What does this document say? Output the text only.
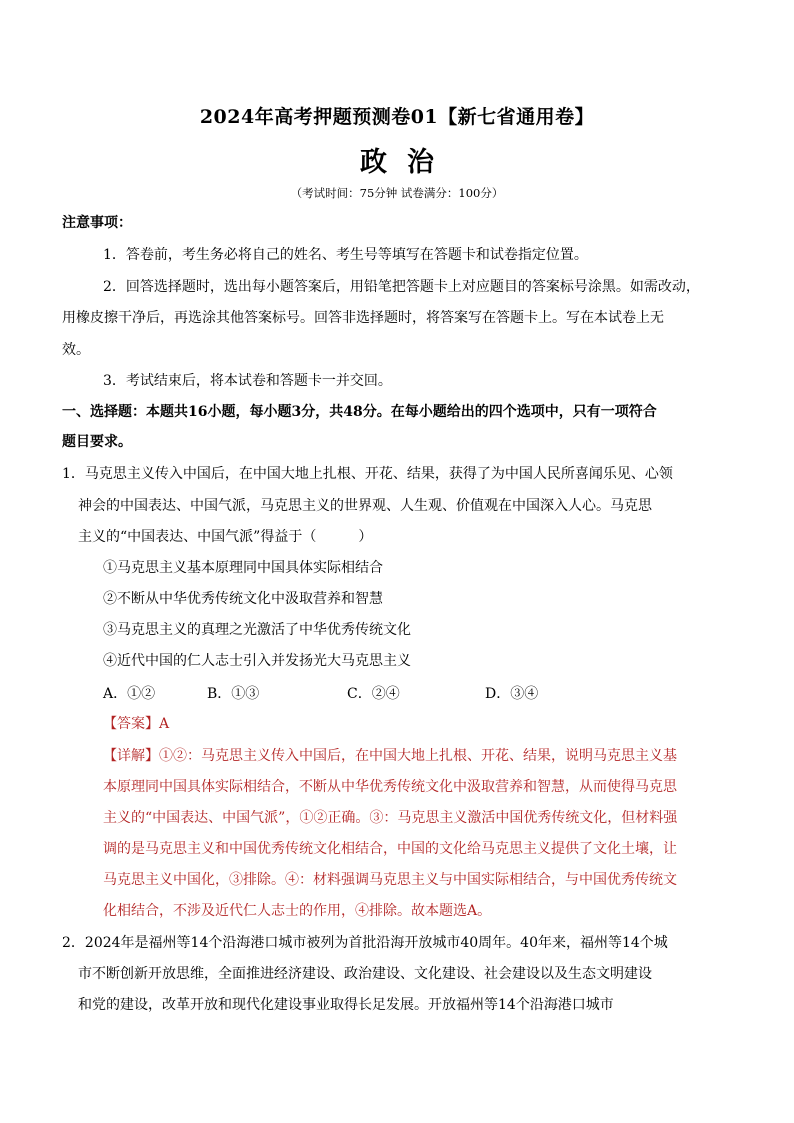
2024年高考押题预测卷01【新七省通用卷】
政治
（考试时间：75分钟 试卷满分：100分）
注意事项：
1．答卷前，考生务必将自己的姓名、考生号等填写在答题卡和试卷指定位置。
2．回答选择题时，选出每小题答案后，用铅笔把答题卡上对应题目的答案标号涂黑。如需改动，
用橡皮擦干净后，再选涂其他答案标号。回答非选择题时，将答案写在答题卡上。写在本试卷上无
效。
3．考试结束后，将本试卷和答题卡一并交回。
一、选择题：本题共16小题，每小题3分，共48分。在每小题给出的四个选项中，只有一项符合
题目要求。
1．马克思主义传入中国后，在中国大地上扎根、开花、结果，获得了为中国人民所喜闻乐见、心领
神会的中国表达、中国气派，马克思主义的世界观、人生观、价值观在中国深入人心。马克思
主义的“中国表达、中国气派”得益于（　　　）
①马克思主义基本原理同中国具体实际相结合
②不断从中华优秀传统文化中汲取营养和智慧
③马克思主义的真理之光激活了中华优秀传统文化
④近代中国的仁人志士引入并发扬光大马克思主义
A．①②	B．①③	C．②④	D．③④
【答案】A
【详解】①②：马克思主义传入中国后，在中国大地上扎根、开花、结果，说明马克思主义基
本原理同中国具体实际相结合，不断从中华优秀传统文化中汲取营养和智慧，从而使得马克思
主义的“中国表达、中国气派”，①②正确。③：马克思主义激活中国优秀传统文化，但材料强
调的是马克思主义和中国优秀传统文化相结合，中国的文化给马克思主义提供了文化土壤，让
马克思主义中国化，③排除。④：材料强调马克思主义与中国实际相结合，与中国优秀传统文
化相结合，不涉及近代仁人志士的作用，④排除。故本题选A。
2．2024年是福州等14个沿海港口城市被列为首批沿海开放城市40周年。40年来，福州等14个城
市不断创新开放思维，全面推进经济建设、政治建设、文化建设、社会建设以及生态文明建设
和党的建设，改革开放和现代化建设事业取得长足发展。开放福州等14个沿海港口城市
